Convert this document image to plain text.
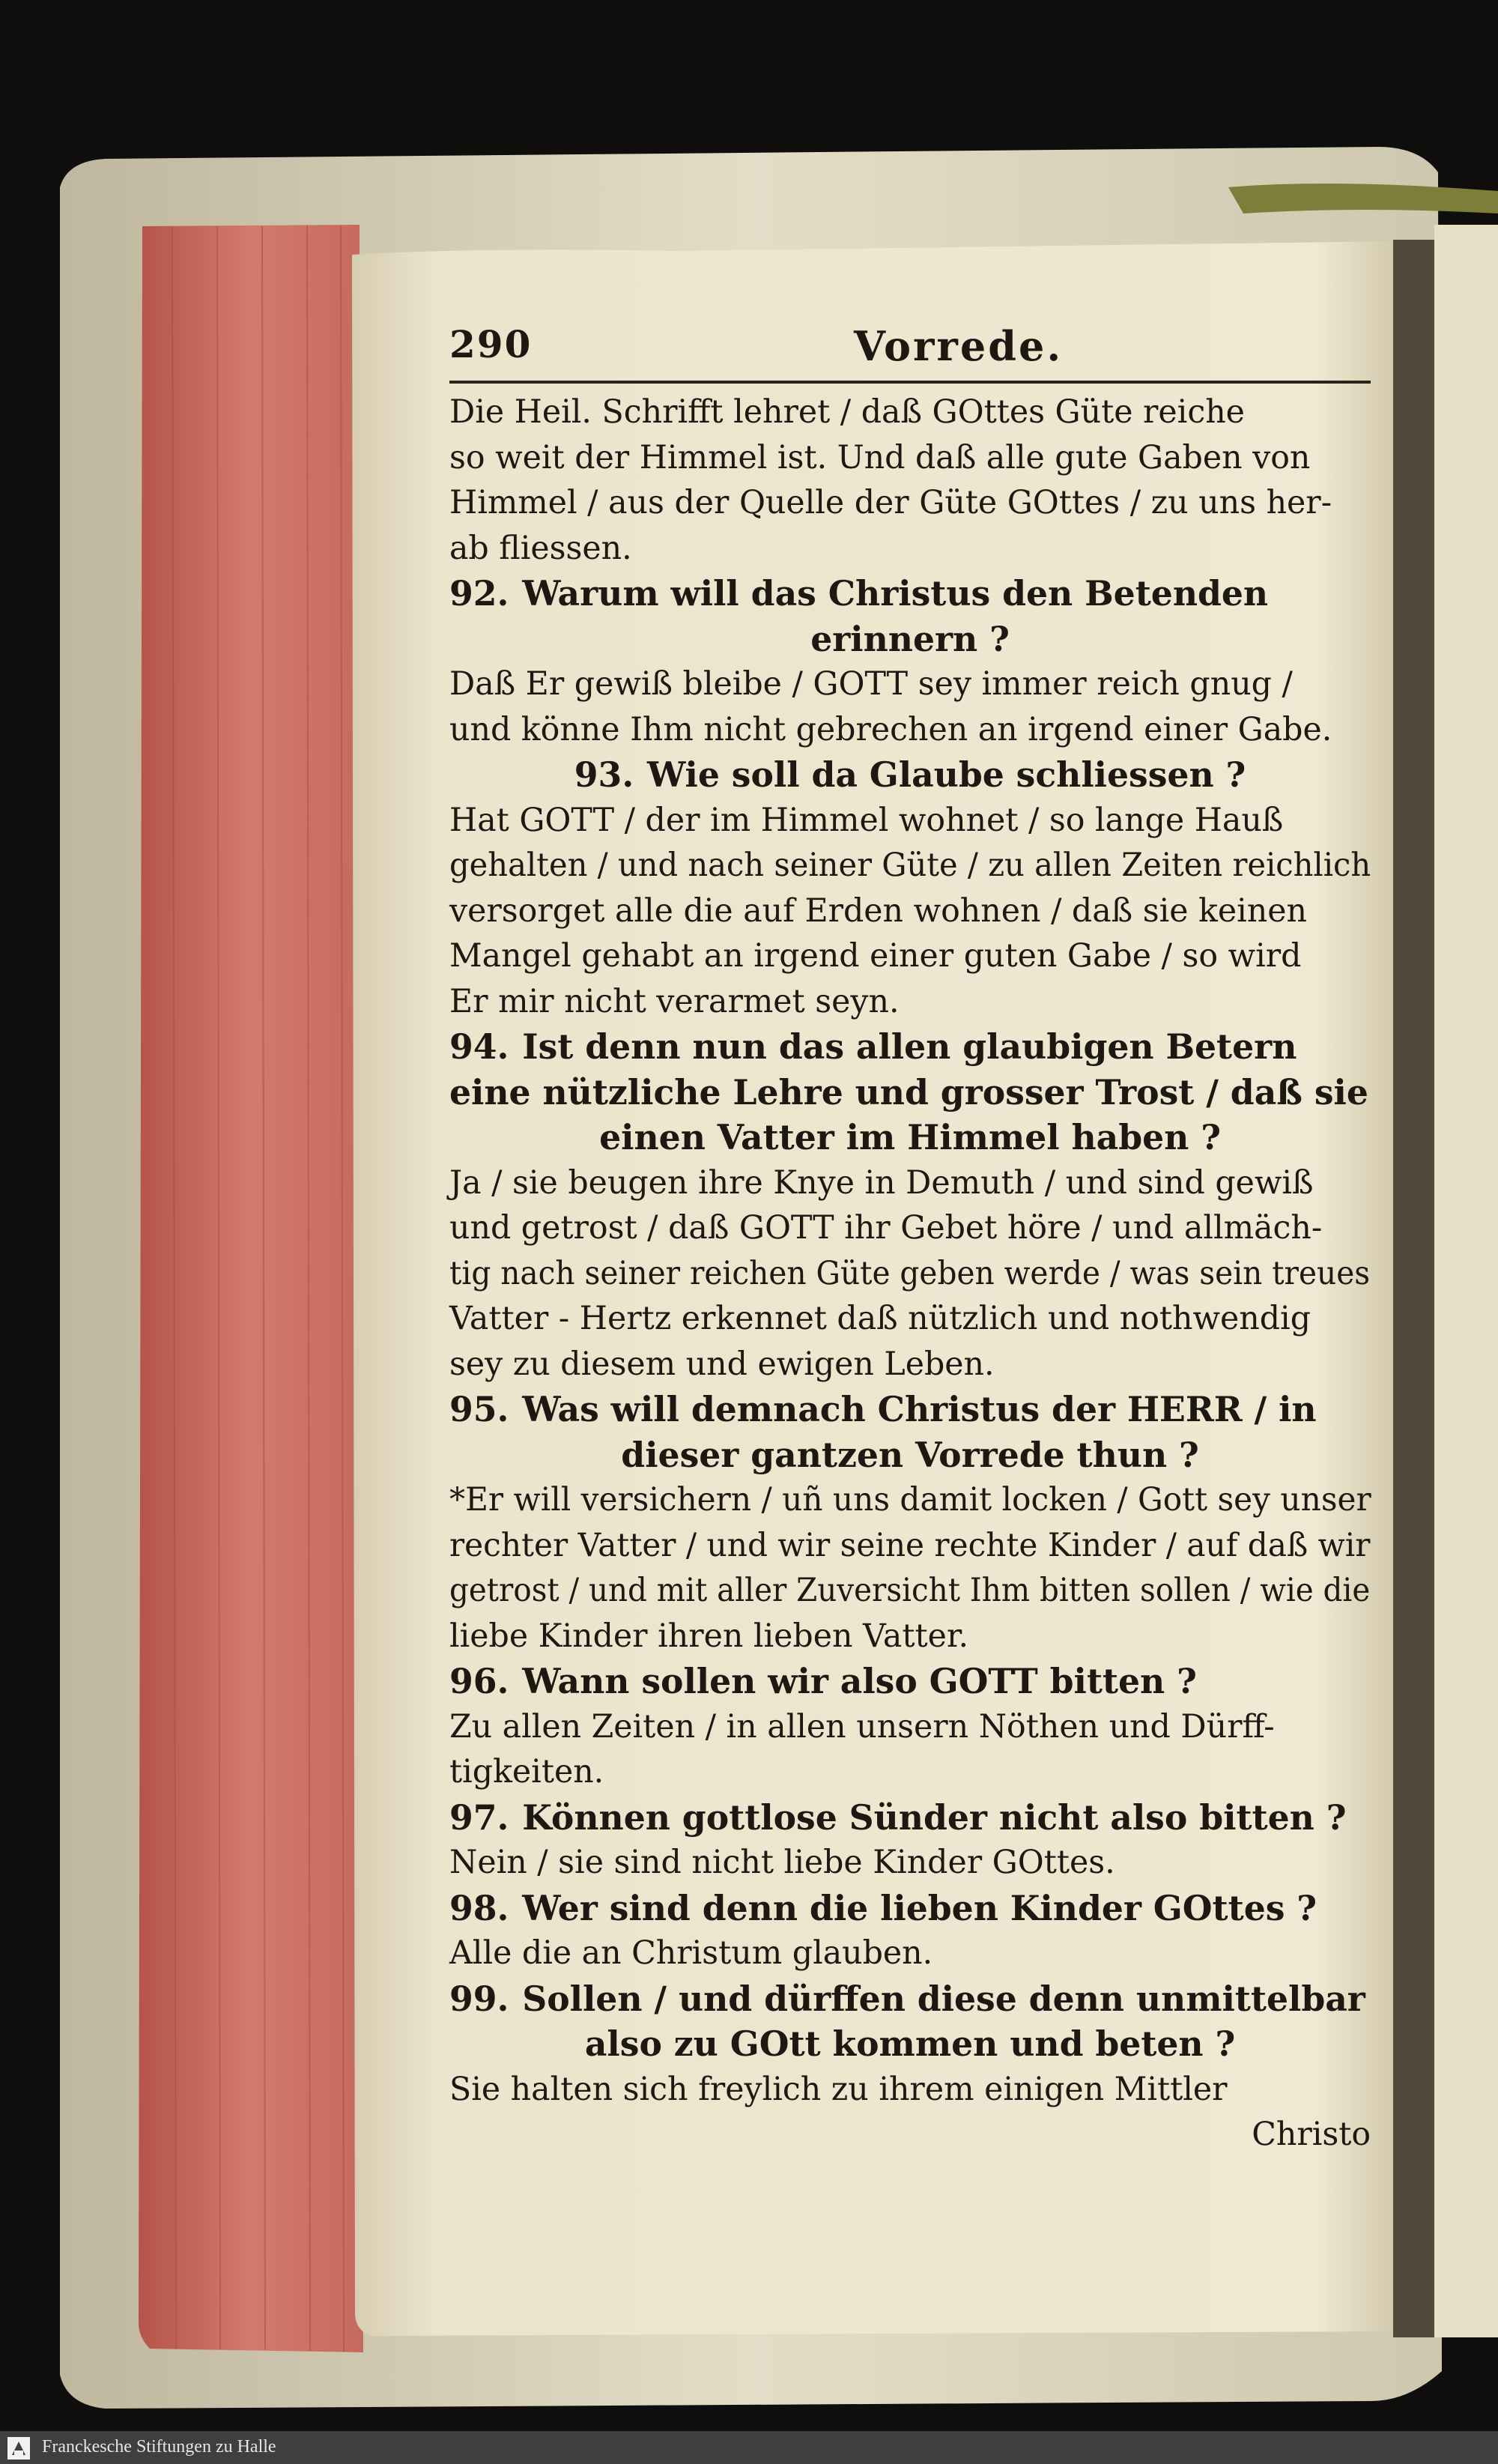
290	Vorrede.
Die Heil. Schrifft lehret / daß GOttes Güte reiche
so weit der Himmel ist. Und daß alle gute Gaben von
Himmel / aus der Quelle der Güte GOttes / zu uns her-
ab fliessen.
92. Warum will das Christus den Betenden
erinnern ?
Daß Er gewiß bleibe / GOTT sey immer reich gnug /
und könne Ihm nicht gebrechen an irgend einer Gabe.
93. Wie soll da Glaube schliessen ?
Hat GOTT / der im Himmel wohnet / so lange Hauß
gehalten / und nach seiner Güte / zu allen Zeiten reichlich
versorget alle die auf Erden wohnen / daß sie keinen
Mangel gehabt an irgend einer guten Gabe / so wird
Er mir nicht verarmet seyn.
94. Ist denn nun das allen glaubigen Betern
eine nützliche Lehre und grosser Trost / daß sie
einen Vatter im Himmel haben ?
Ja / sie beugen ihre Knye in Demuth / und sind gewiß
und getrost / daß GOTT ihr Gebet höre / und allmäch-
tig nach seiner reichen Güte geben werde / was sein treues
Vatter - Hertz erkennet daß nützlich und nothwendig
sey zu diesem und ewigen Leben.
95. Was will demnach Christus der HERR / in
dieser gantzen Vorrede thun ?
*Er will versichern / uñ uns damit locken / Gott sey unser
rechter Vatter / und wir seine rechte Kinder / auf daß wir
getrost / und mit aller Zuversicht Ihm bitten sollen / wie die
liebe Kinder ihren lieben Vatter.
96. Wann sollen wir also GOTT bitten ?
Zu allen Zeiten / in allen unsern Nöthen und Dürff-
tigkeiten.
97. Können gottlose Sünder nicht also bitten ?
Nein / sie sind nicht liebe Kinder GOttes.
98. Wer sind denn die lieben Kinder GOttes ?
Alle die an Christum glauben.
99. Sollen / und dürffen diese denn unmittelbar
also zu GOtt kommen und beten ?
Sie halten sich freylich zu ihrem einigen Mittler
Christo
Franckesche Stiftungen zu Halle
